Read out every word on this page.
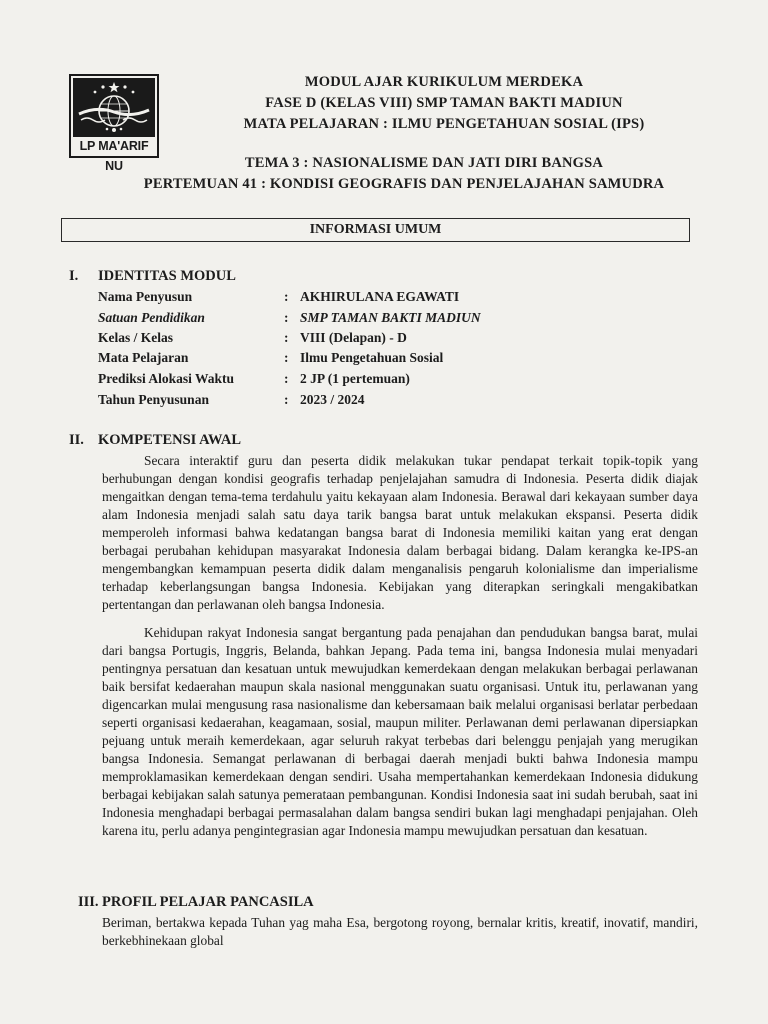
LP MA'ARIF NU
MODUL AJAR KURIKULUM MERDEKA
FASE D (KELAS VIII) SMP TAMAN BAKTI MADIUN
MATA PELAJARAN : ILMU PENGETAHUAN SOSIAL (IPS)
TEMA 3 : NASIONALISME DAN JATI DIRI BANGSA
PERTEMUAN 41 : KONDISI GEOGRAFIS DAN PENJELAJAHAN SAMUDRA
INFORMASI UMUM
I. IDENTITAS MODUL
Nama Penyusun	: AKHIRULANA EGAWATI
Satuan Pendidikan	: SMP TAMAN BAKTI MADIUN
Kelas / Kelas	: VIII (Delapan) - D
Mata Pelajaran	: Ilmu Pengetahuan Sosial
Prediksi Alokasi Waktu	: 2 JP (1 pertemuan)
Tahun Penyusunan	: 2023 / 2024
II. KOMPETENSI AWAL

Secara interaktif guru dan peserta didik melakukan tukar pendapat terkait topik-topik yang berhubungan dengan kondisi geografis terhadap penjelajahan samudra di Indonesia. Peserta didik diajak mengaitkan dengan tema-tema terdahulu yaitu kekayaan alam Indonesia. Berawal dari kekayaan sumber daya alam Indonesia menjadi salah satu daya tarik bangsa barat untuk melakukan ekspansi. Peserta didik memperoleh informasi bahwa kedatangan bangsa barat di Indonesia memiliki kaitan yang erat dengan berbagai perubahan kehidupan masyarakat Indonesia dalam berbagai bidang. Dalam kerangka ke-IPS-an mengembangkan kemampuan peserta didik dalam menganalisis pengaruh kolonialisme dan imperialisme terhadap keberlangsungan bangsa Indonesia. Kebijakan yang diterapkan seringkali mengakibatkan pertentangan dan perlawanan oleh bangsa Indonesia.

Kehidupan rakyat Indonesia sangat bergantung pada penajahan dan pendudukan bangsa barat, mulai dari bangsa Portugis, Inggris, Belanda, bahkan Jepang. Pada tema ini, bangsa Indonesia mulai menyadari pentingnya persatuan dan kesatuan untuk mewujudkan kemerdekaan dengan melakukan berbagai perlawanan baik bersifat kedaerahan maupun skala nasional menggunakan suatu organisasi. Untuk itu, perlawanan yang digencarkan mulai mengusung rasa nasionalisme dan kebersamaan baik melalui organisasi berlatar perbedaan seperti organisasi kedaerahan, keagamaan, sosial, maupun militer. Perlawanan demi perlawanan dipersiapkan pejuang untuk meraih kemerdekaan, agar seluruh rakyat terbebas dari belenggu penjajah yang merugikan bangsa Indonesia. Semangat perlawanan di berbagai daerah menjadi bukti bahwa Indonesia mampu memproklamasikan kemerdekaan dengan sendiri. Usaha mempertahankan kemerdekaan Indonesia didukung berbagai kebijakan salah satunya pemerataan pembangunan. Kondisi Indonesia saat ini sudah berubah, saat ini Indonesia menghadapi berbagai permasalahan dalam bangsa sendiri bukan lagi menghadapi penjajahan. Oleh karena itu, perlu adanya pengintegrasian agar Indonesia mampu mewujudkan persatuan dan kesatuan.

III. PROFIL PELAJAR PANCASILA

Beriman, bertakwa kepada Tuhan yag maha Esa, bergotong royong, bernalar kritis, kreatif, inovatif, mandiri, berkebhinekaan global
